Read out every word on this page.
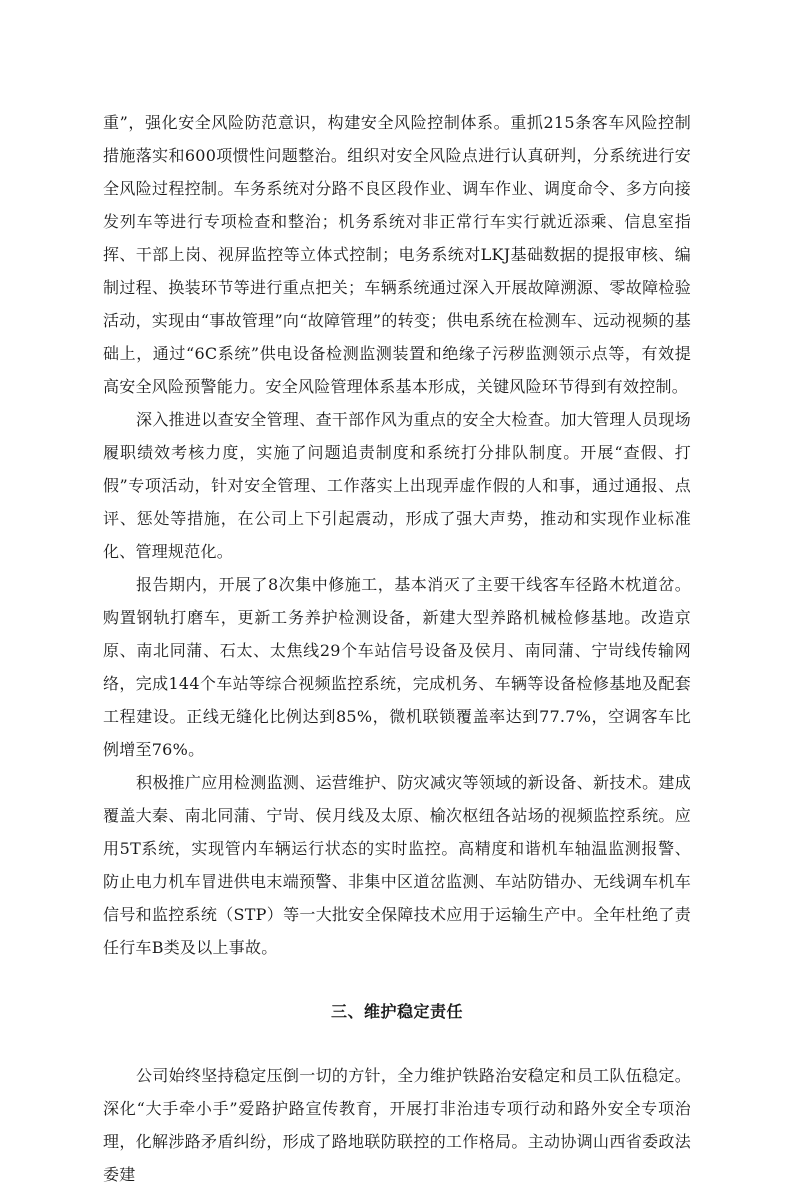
重”，强化安全风险防范意识，构建安全风险控制体系。重抓215条客车风险控制措施落实和600项惯性问题整治。组织对安全风险点进行认真研判，分系统进行安全风险过程控制。车务系统对分路不良区段作业、调车作业、调度命令、多方向接发列车等进行专项检查和整治；机务系统对非正常行车实行就近添乘、信息室指挥、干部上岗、视屏监控等立体式控制；电务系统对LKJ基础数据的提报审核、编制过程、换装环节等进行重点把关；车辆系统通过深入开展故障溯源、零故障检验活动，实现由“事故管理”向“故障管理”的转变；供电系统在检测车、远动视频的基础上，通过“6C系统”供电设备检测监测装置和绝缘子污秽监测领示点等，有效提高安全风险预警能力。安全风险管理体系基本形成，关键风险环节得到有效控制。

深入推进以查安全管理、查干部作风为重点的安全大检查。加大管理人员现场履职绩效考核力度，实施了问题追责制度和系统打分排队制度。开展“查假、打假”专项活动，针对安全管理、工作落实上出现弄虚作假的人和事，通过通报、点评、惩处等措施，在公司上下引起震动，形成了强大声势，推动和实现作业标准化、管理规范化。

报告期内，开展了8次集中修施工，基本消灭了主要干线客车径路木枕道岔。购置钢轨打磨车，更新工务养护检测设备，新建大型养路机械检修基地。改造京原、南北同蒲、石太、太焦线29个车站信号设备及侯月、南同蒲、宁岢线传输网络，完成144个车站等综合视频监控系统，完成机务、车辆等设备检修基地及配套工程建设。正线无缝化比例达到85%，微机联锁覆盖率达到77.7%，空调客车比例增至76%。

积极推广应用检测监测、运营维护、防灾减灾等领域的新设备、新技术。建成覆盖大秦、南北同蒲、宁岢、侯月线及太原、榆次枢纽各站场的视频监控系统。应用5T系统，实现管内车辆运行状态的实时监控。高精度和谐机车轴温监测报警、防止电力机车冒进供电末端预警、非集中区道岔监测、车站防错办、无线调车机车信号和监控系统（STP）等一大批安全保障技术应用于运输生产中。全年杜绝了责任行车B类及以上事故。

三、维护稳定责任

公司始终坚持稳定压倒一切的方针，全力维护铁路治安稳定和员工队伍稳定。深化“大手牵小手”爱路护路宣传教育，开展打非治违专项行动和路外安全专项治理，化解涉路矛盾纠纷，形成了路地联防联控的工作格局。主动协调山西省委政法委建
